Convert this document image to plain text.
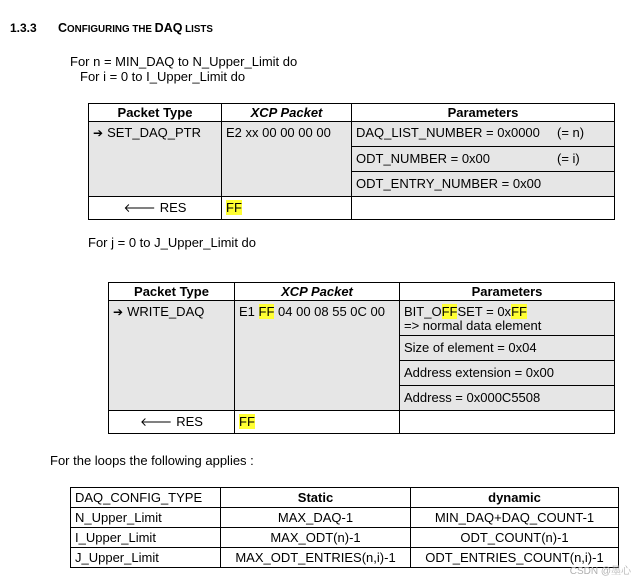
1.3.3 CONFIGURING THE DAQ LISTS
For n = MIN_DAQ to N_Upper_Limit do
For i = 0 to I_Upper_Limit do
Packet Type	XCP Packet	Parameters
➔ SET_DAQ_PTR	E2 xx 00 00 00 00	DAQ_LIST_NUMBER = 0x0000 (= n)
ODT_NUMBER = 0x00 (= i)
ODT_ENTRY_NUMBER = 0x00

🡐 RES	FF	
For j = 0 to J_Upper_Limit do
Packet Type	XCP Packet	Parameters
➔ WRITE_DAQ	E1 FF 04 00 08 55 0C 00	BIT_OFFSET = 0xFF
=> normal data element
Size of element = 0x04
Address extension = 0x00
Address = 0x000C5508

🡐 RES	FF	
For the loops the following applies :
DAQ_CONFIG_TYPE	Static	dynamic
N_Upper_Limit	MAX_DAQ-1	MIN_DAQ+DAQ_COUNT-1
I_Upper_Limit	MAX_ODT(n)-1	ODT_COUNT(n)-1
J_Upper_Limit	MAX_ODT_ENTRIES(n,i)-1	ODT_ENTRIES_COUNT(n,i)-1
CSDN @墨心
